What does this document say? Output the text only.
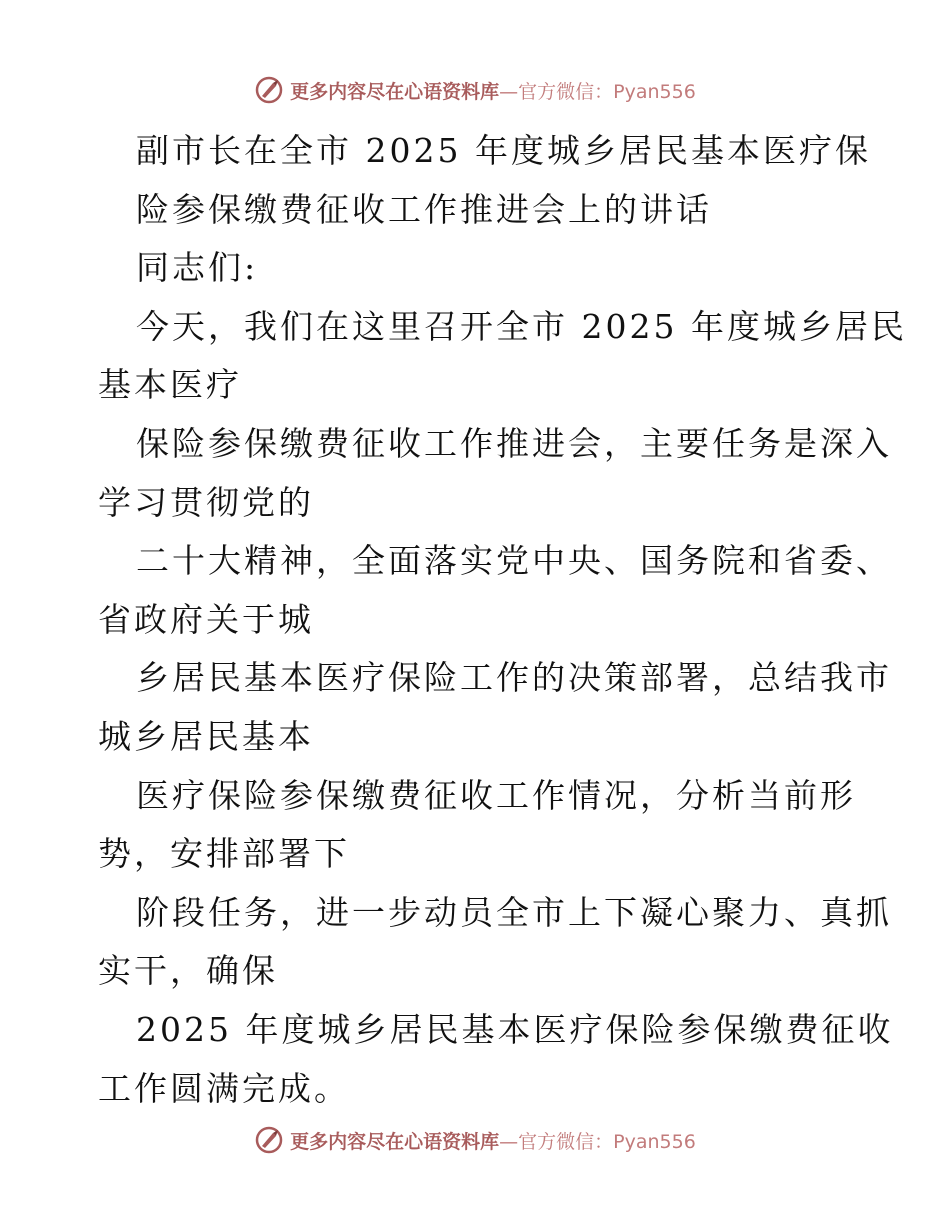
更多内容尽在心语资料库 —官方微信：Pyan556
副市长在全市 2025 年度城乡居民基本医疗保
险参保缴费征收工作推进会上的讲话
同志们:
今天，我们在这里召开全市 2025 年度城乡居民
基本医疗
保险参保缴费征收工作推进会，主要任务是深入
学习贯彻党的
二十大精神，全面落实党中央、国务院和省委、
省政府关于城
乡居民基本医疗保险工作的决策部署，总结我市
城乡居民基本
医疗保险参保缴费征收工作情况，分析当前形
势，安排部署下
阶段任务，进一步动员全市上下凝心聚力、真抓
实干，确保
2025 年度城乡居民基本医疗保险参保缴费征收
工作圆满完成。
更多内容尽在心语资料库 —官方微信：Pyan556
